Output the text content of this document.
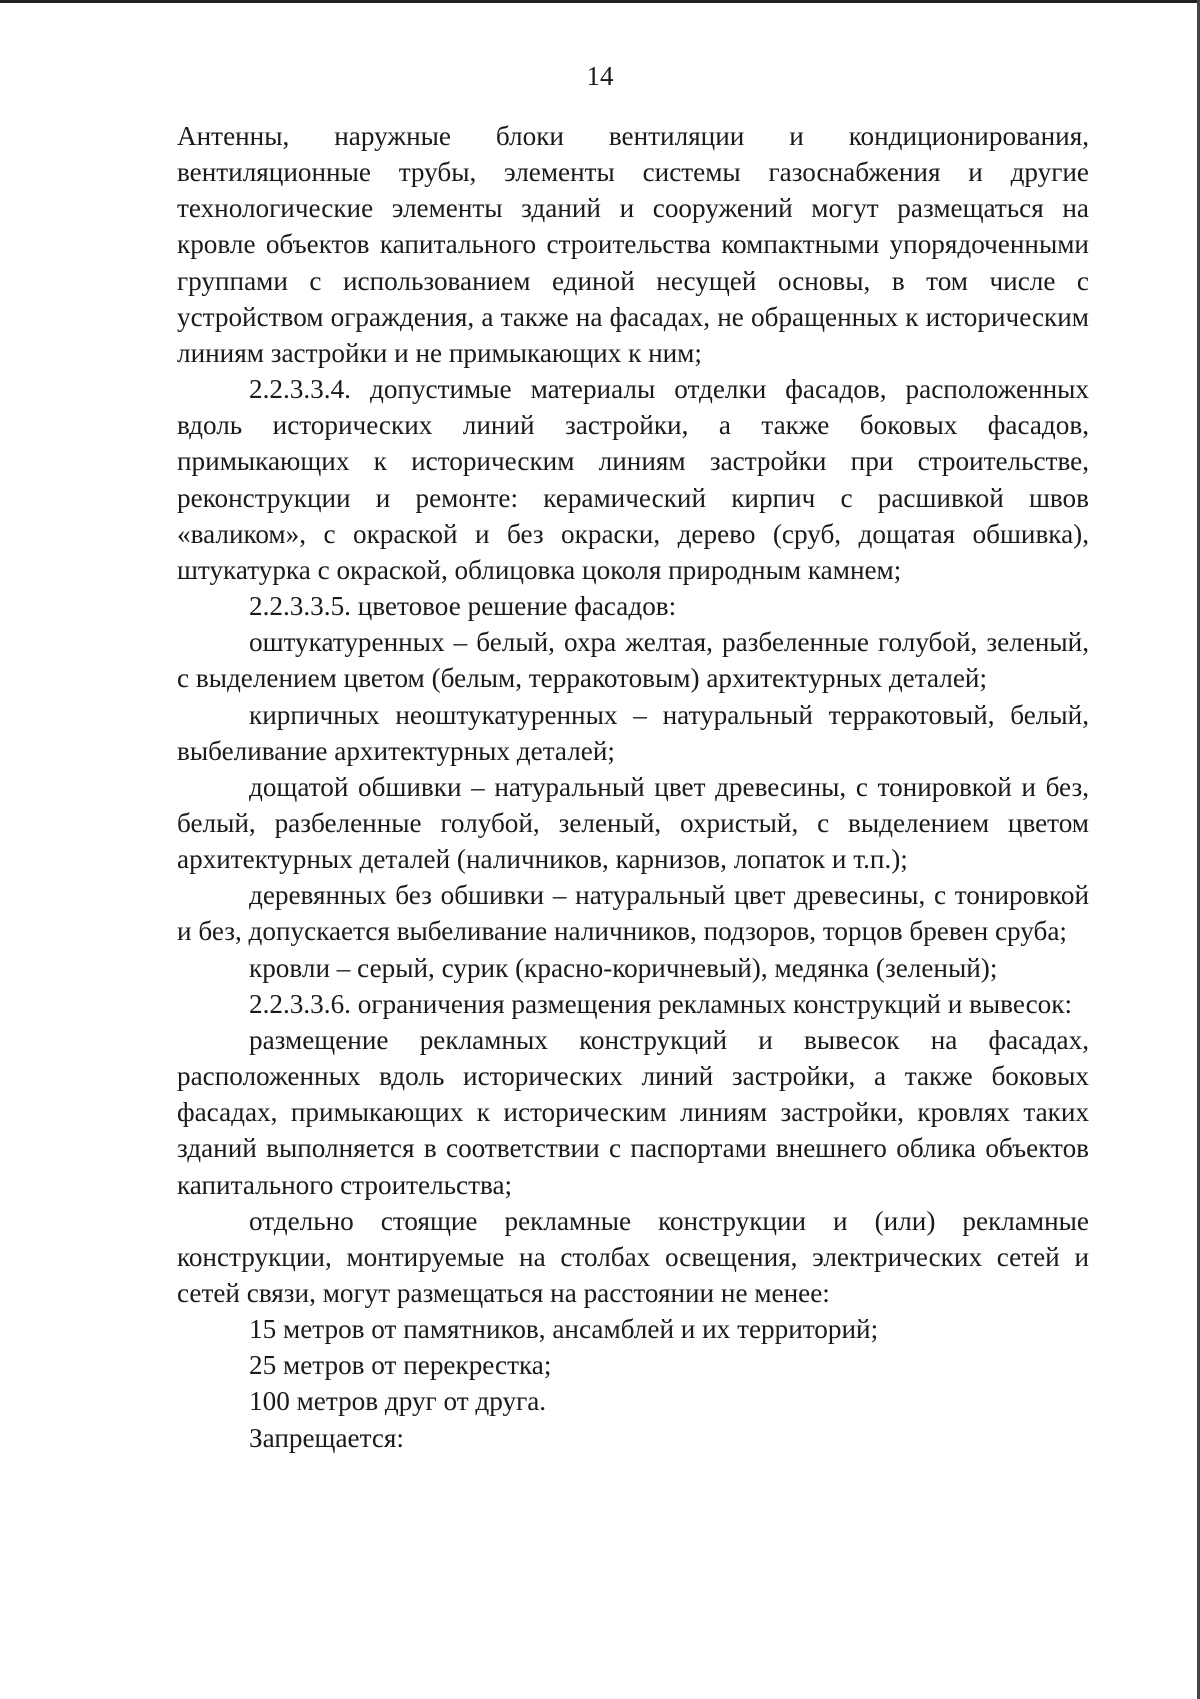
14

Антенны, наружные блоки вентиляции и кондиционирования, вентиляционные трубы, элементы системы газоснабжения и другие технологические элементы зданий и сооружений могут размещаться на кровле объектов капитального строительства компактными упорядоченными группами с использованием единой несущей основы, в том числе с устройством ограждения, а также на фасадах, не обращенных к историческим линиям застройки и не примыкающих к ним;

2.2.3.3.4. допустимые материалы отделки фасадов, расположенных вдоль исторических линий застройки, а также боковых фасадов, примыкающих к историческим линиям застройки при строительстве, реконструкции и ремонте: керамический кирпич с расшивкой швов «валиком», с окраской и без окраски, дерево (сруб, дощатая обшивка), штукатурка с окраской, облицовка цоколя природным камнем;

2.2.3.3.5. цветовое решение фасадов:

оштукатуренных – белый, охра желтая, разбеленные голубой, зеленый, с выделением цветом (белым, терракотовым) архитектурных деталей;

кирпичных неоштукатуренных – натуральный терракотовый, белый, выбеливание архитектурных деталей;

дощатой обшивки – натуральный цвет древесины, с тонировкой и без, белый, разбеленные голубой, зеленый, охристый, с выделением цветом архитектурных деталей (наличников, карнизов, лопаток и т.п.);

деревянных без обшивки – натуральный цвет древесины, с тонировкой и без, допускается выбеливание наличников, подзоров, торцов бревен сруба;

кровли – серый, сурик (красно-коричневый), медянка (зеленый);

2.2.3.3.6. ограничения размещения рекламных конструкций и вывесок:

размещение рекламных конструкций и вывесок на фасадах, расположенных вдоль исторических линий застройки, а также боковых фасадах, примыкающих к историческим линиям застройки, кровлях таких зданий выполняется в соответствии с паспортами внешнего облика объектов капитального строительства;

отдельно стоящие рекламные конструкции и (или) рекламные конструкции, монтируемые на столбах освещения, электрических сетей и сетей связи, могут размещаться на расстоянии не менее:

15 метров от памятников, ансамблей и их территорий;

25 метров от перекрестка;

100 метров друг от друга.

Запрещается:
